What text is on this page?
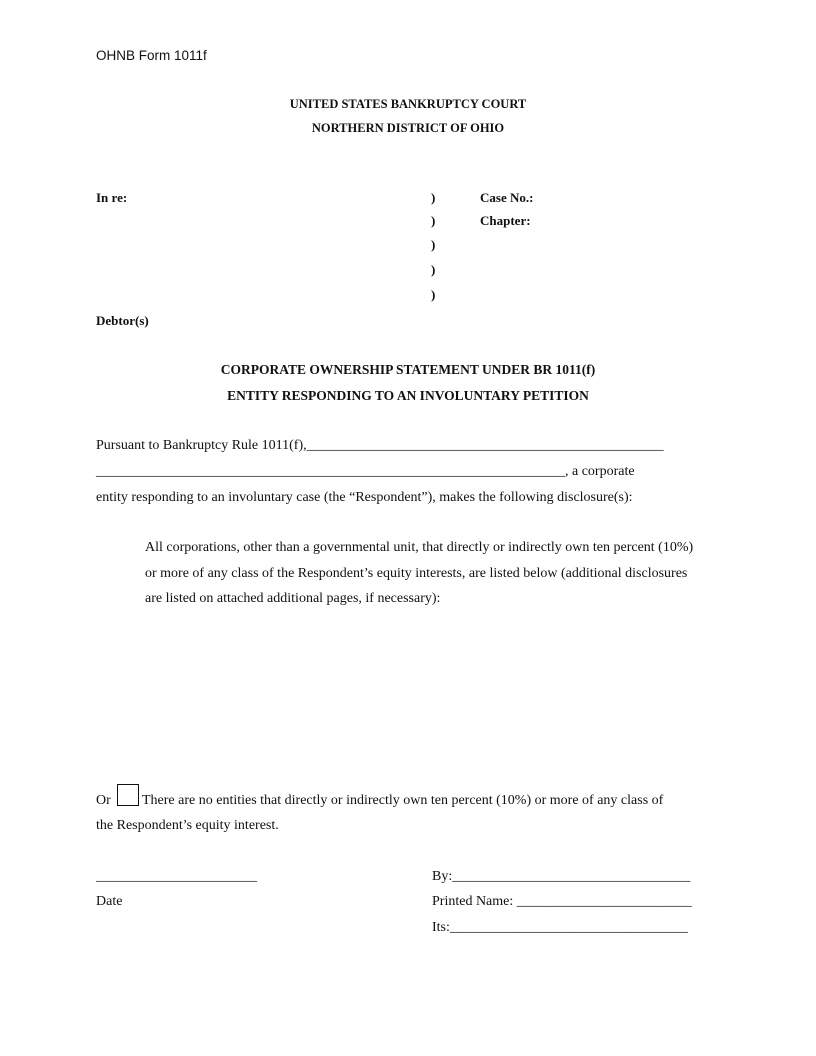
OHNB Form 1011f
UNITED STATES BANKRUPTCY COURT
NORTHERN DISTRICT OF OHIO
In re:	)
)
)
)
)
Case No.:
Chapter:
Debtor(s)
CORPORATE OWNERSHIP STATEMENT UNDER BR 1011(f)
ENTITY RESPONDING TO AN INVOLUNTARY PETITION
Pursuant to Bankruptcy Rule 1011(f),___________________________________________________
___________________________________________________________________, a corporate
entity responding to an involuntary case (the “Respondent”), makes the following disclosure(s):
All corporations, other than a governmental unit, that directly or indirectly own ten percent (10%)
or more of any class of the Respondent’s equity interests, are listed below (additional disclosures
are listed on attached additional pages, if necessary):
Or There are no entities that directly or indirectly own ten percent (10%) or more of any class of
the Respondent’s equity interest.
_______________________
Date
By:__________________________________
Printed Name: _________________________
Its:__________________________________
